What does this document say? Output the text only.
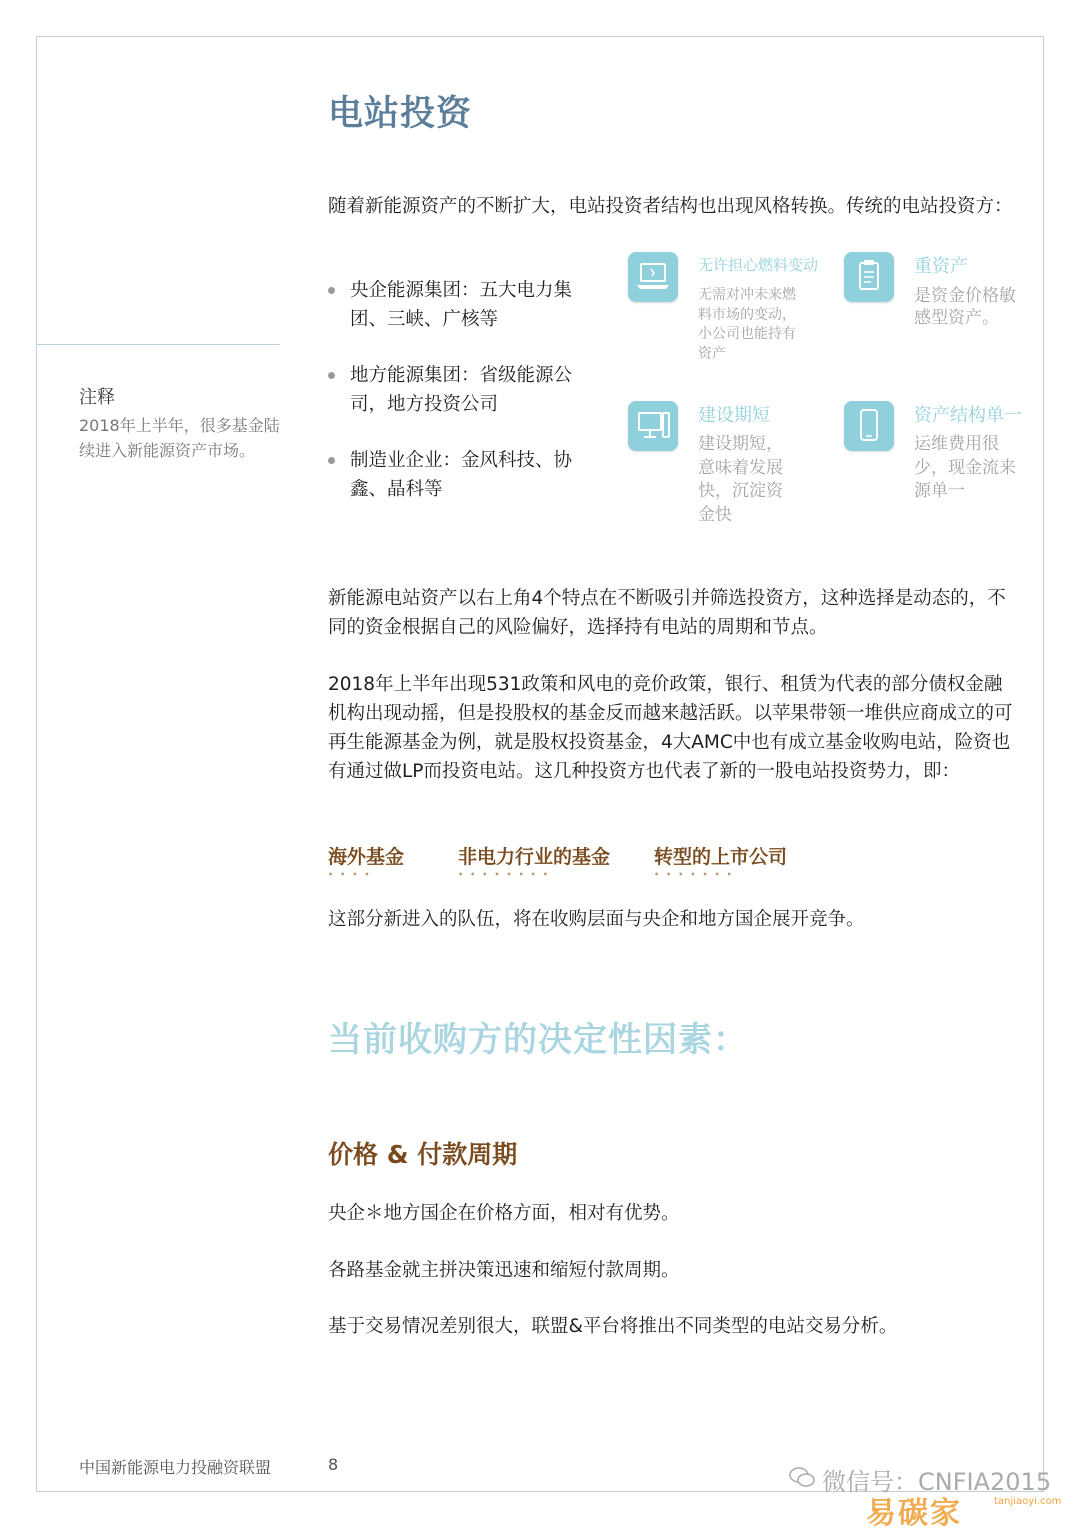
电站投资
随着新能源资产的不断扩大，电站投资者结构也出现风格转换。传统的电站投资方：
注释
2018年上半年，很多基金陆续进入新能源资产市场。
央企能源集团：五大电力集团、三峡、广核等
地方能源集团：省级能源公司，地方投资公司
制造业企业：金风科技、协鑫、晶科等
无许担心燃料变动
无需对冲未来燃料市场的变动，小公司也能持有资产
重资产
是资金价格敏感型资产。
建设期短
建设期短，意味着发展快，沉淀资金快
资产结构单一
运维费用很少，现金流来源单一
新能源电站资产以右上角4个特点在不断吸引并筛选投资方，这种选择是动态的，不同的资金根据自己的风险偏好，选择持有电站的周期和节点。
2018年上半年出现531政策和风电的竞价政策，银行、租赁为代表的部分债权金融机构出现动摇，但是投股权的基金反而越来越活跃。以苹果带领一堆供应商成立的可再生能源基金为例，就是股权投资基金，4大AMC中也有成立基金收购电站，险资也有通过做LP而投资电站。这几种投资方也代表了新的一股电站投资势力，即：
海外基金
••••
非电力行业的基金
••••••••
转型的上市公司
•••••••
这部分新进入的队伍，将在收购层面与央企和地方国企展开竞争。
当前收购方的决定性因素：
价格 & 付款周期
央企＊地方国企在价格方面，相对有优势。
各路基金就主拼决策迅速和缩短付款周期。
基于交易情况差别很大，联盟&平台将推出不同类型的电站交易分析。
中国新能源电力投融资联盟	8
微信号：CNFIA2015
易碳家	tanjiaoyi.com
